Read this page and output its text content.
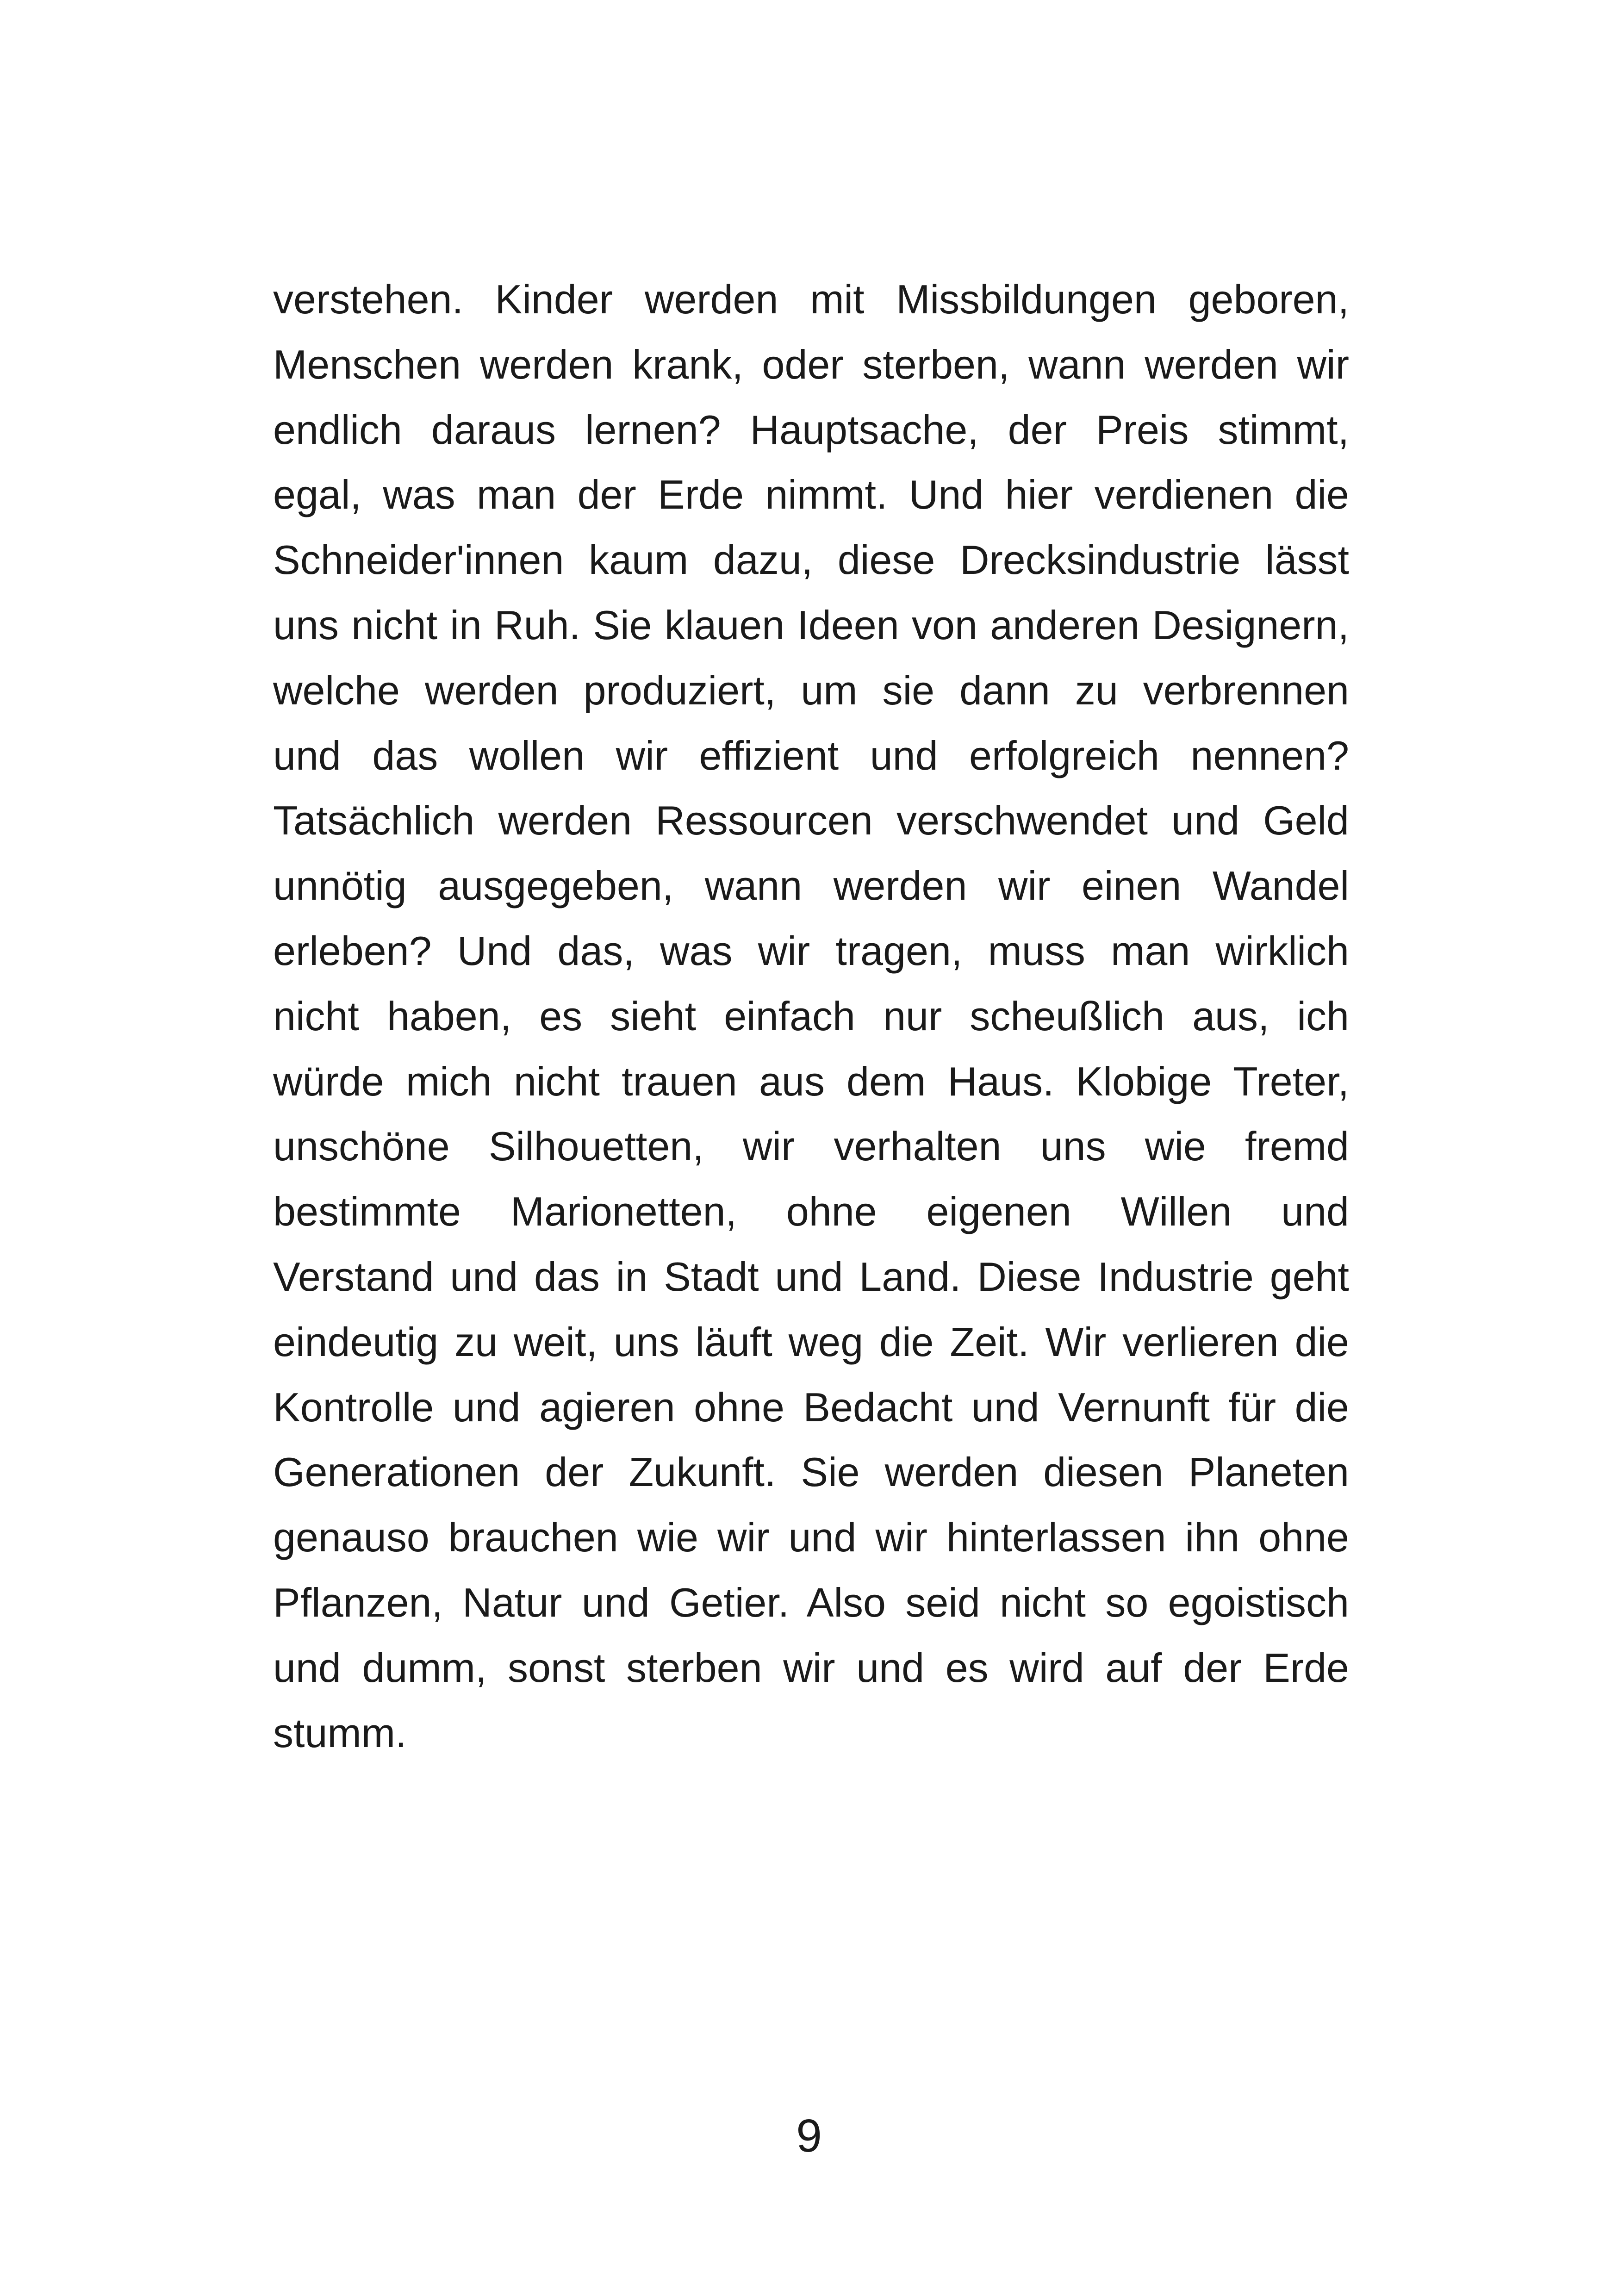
verstehen. Kinder werden mit Missbildungen geboren,
Menschen werden krank, oder sterben, wann werden wir
endlich daraus lernen? Hauptsache, der Preis stimmt,
egal, was man der Erde nimmt. Und hier verdienen die
Schneider'innen kaum dazu, diese Drecksindustrie lässt
uns nicht in Ruh. Sie klauen Ideen von anderen Designern,
welche werden produziert, um sie dann zu verbrennen
und das wollen wir effizient und erfolgreich nennen?
Tatsächlich werden Ressourcen verschwendet und Geld
unnötig ausgegeben, wann werden wir einen Wandel
erleben? Und das, was wir tragen, muss man wirklich
nicht haben, es sieht einfach nur scheußlich aus, ich
würde mich nicht trauen aus dem Haus. Klobige Treter,
unschöne Silhouetten, wir verhalten uns wie fremd
bestimmte Marionetten, ohne eigenen Willen und
Verstand und das in Stadt und Land. Diese Industrie geht
eindeutig zu weit, uns läuft weg die Zeit. Wir verlieren die
Kontrolle und agieren ohne Bedacht und Vernunft für die
Generationen der Zukunft. Sie werden diesen Planeten
genauso brauchen wie wir und wir hinterlassen ihn ohne
Pflanzen, Natur und Getier. Also seid nicht so egoistisch
und dumm, sonst sterben wir und es wird auf der Erde
stumm.
9
